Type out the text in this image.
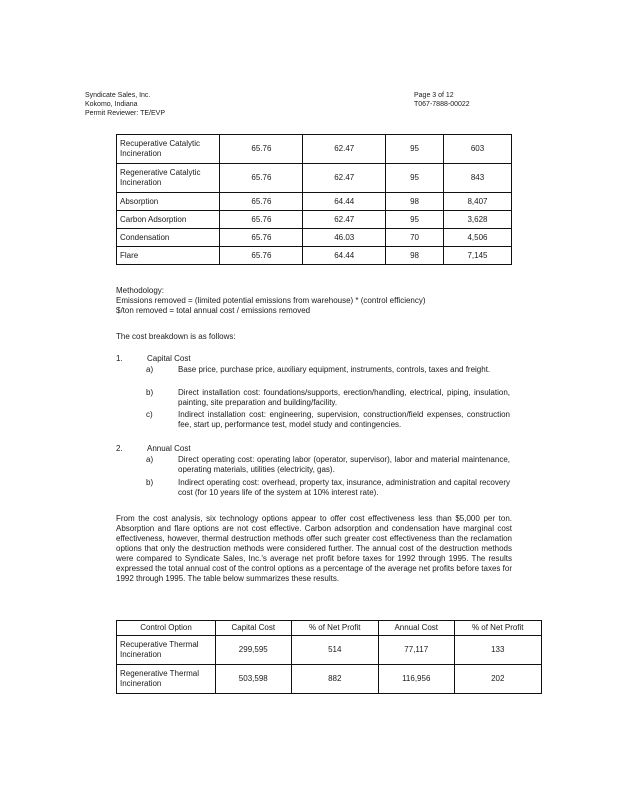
Syndicate Sales, Inc.
Kokomo, Indiana
Permit Reviewer: TE/EVP
Page 3 of 12
T067-7888-00022
Recuperative Catalytic Incineration	65.76	62.47	95	603
Regenerative Catalytic Incineration	65.76	62.47	95	843
Absorption	65.76	64.44	98	8,407
Carbon Adsorption	65.76	62.47	95	3,628
Condensation	65.76	46.03	70	4,506
Flare	65.76	64.44	98	7,145
Methodology:
Emissions removed = (limited potential emissions from warehouse) * (control efficiency)
$/ton removed = total annual cost / emissions removed
The cost breakdown is as follows:
1.	Capital Cost
a)	Base price, purchase price, auxiliary equipment, instruments, controls, taxes and freight.
b)	Direct installation cost: foundations/supports, erection/handling, electrical, piping, insulation, painting, site preparation and building/facility.
c)	Indirect installation cost: engineering, supervision, construction/field expenses, construction fee, start up, performance test, model study and contingencies.
2.	Annual Cost
a)	Direct operating cost: operating labor (operator, supervisor), labor and material maintenance, operating materials, utilities (electricity, gas).
b)	Indirect operating cost: overhead, property tax, insurance, administration and capital recovery cost (for 10 years life of the system at 10% interest rate).
From the cost analysis, six technology options appear to offer cost effectiveness less than $5,000 per ton. Absorption and flare options are not cost effective. Carbon adsorption and condensation have marginal cost effectiveness, however, thermal destruction methods offer such greater cost effectiveness than the reclamation options that only the destruction methods were considered further. The annual cost of the destruction methods were compared to Syndicate Sales, Inc.'s average net profit before taxes for 1992 through 1995. The results expressed the total annual cost of the control options as a percentage of the average net profits before taxes for 1992 through 1995. The table below summarizes these results.
Control Option	Capital Cost	% of Net Profit	Annual Cost	% of Net Profit
Recuperative Thermal Incineration	299,595	514	77,117	133
Regenerative Thermal Incineration	503,598	882	116,956	202
